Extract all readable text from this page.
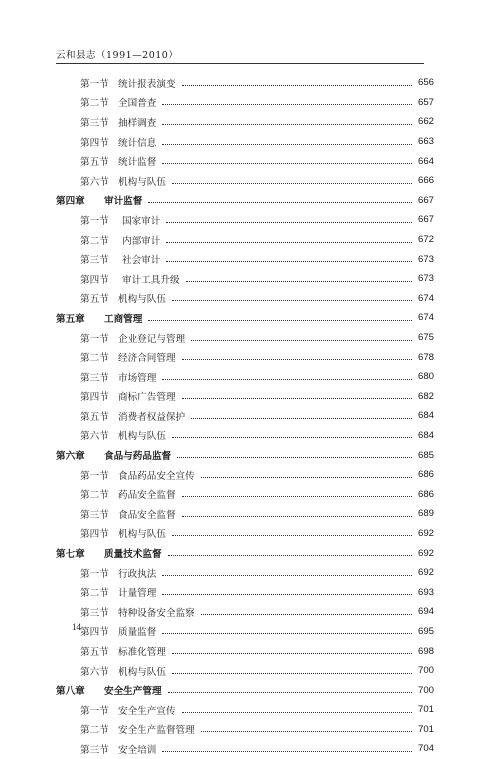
云和县志（1991—2010）
第一节 统计报表演变	656
第二节 全国普查	657
第三节 抽样调查	662
第四节 统计信息	663
第五节 统计监督	664
第六节 机构与队伍	666
第四章 审计监督	667
第一节 国家审计	667
第二节 内部审计	672
第三节 社会审计	673
第四节 审计工具升级	673
第五节 机构与队伍	674
第五章 工商管理	674
第一节 企业登记与管理	675
第二节 经济合同管理	678
第三节 市场管理	680
第四节 商标广告管理	682
第五节 消费者权益保护	684
第六节 机构与队伍	684
第六章 食品与药品监督	685
第一节 食品药品安全宣传	686
第二节 药品安全监督	686
第三节 食品安全监督	689
第四节 机构与队伍	692
第七章 质量技术监督	692
第一节 行政执法	692
第二节 计量管理	693
第三节 特种设备安全监察	694
第四节 质量监督	695
第五节 标准化管理	698
第六节 机构与队伍	700
第八章 安全生产管理	700
第一节 安全生产宣传	701
第二节 安全生产监督管理	701
第三节 安全培训	704
14
